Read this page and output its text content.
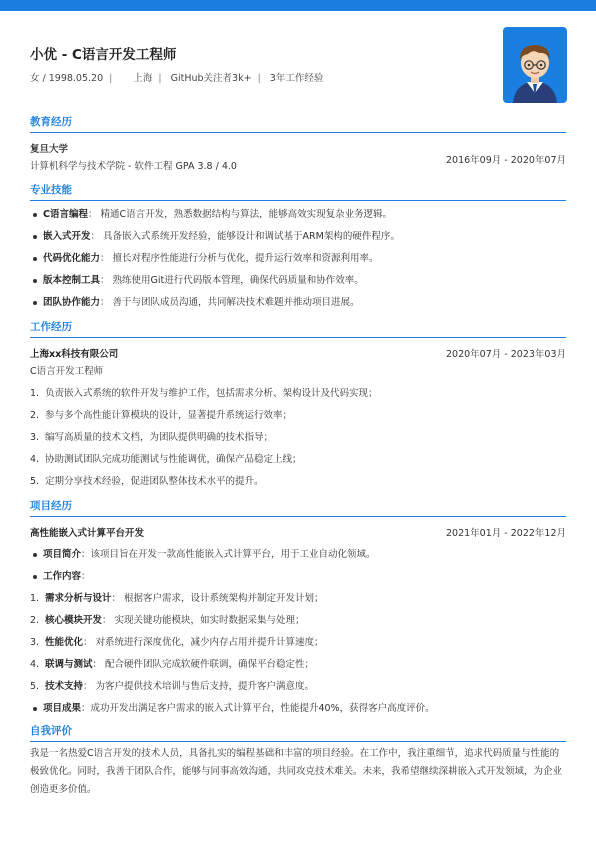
小优 - C语言开发工程师
女 / 1998.05.20 | 上海 | GitHub关注者3k+ | 3年工作经验
教育经历
复旦大学
计算机科学与技术学院 - 软件工程 GPA 3.8 / 4.0
2016年09月 - 2020年07月
专业技能
C语言编程： 精通C语言开发，熟悉数据结构与算法，能够高效实现复杂业务逻辑。
嵌入式开发： 具备嵌入式系统开发经验，能够设计和调试基于ARM架构的硬件程序。
代码优化能力： 擅长对程序性能进行分析与优化，提升运行效率和资源利用率。
版本控制工具： 熟练使用Git进行代码版本管理，确保代码质量和协作效率。
团队协作能力： 善于与团队成员沟通，共同解决技术难题并推动项目进展。
工作经历
上海xx科技有限公司	2020年07月 - 2023年03月
C语言开发工程师
1. 负责嵌入式系统的软件开发与维护工作，包括需求分析、架构设计及代码实现；
2. 参与多个高性能计算模块的设计，显著提升系统运行效率；
3. 编写高质量的技术文档，为团队提供明确的技术指导；
4. 协助测试团队完成功能测试与性能调优，确保产品稳定上线；
5. 定期分享技术经验，促进团队整体技术水平的提升。
项目经历
高性能嵌入式计算平台开发	2021年01月 - 2022年12月
项目简介：该项目旨在开发一款高性能嵌入式计算平台，用于工业自动化领域。
工作内容：
1. 需求分析与设计： 根据客户需求，设计系统架构并制定开发计划；
2. 核心模块开发： 实现关键功能模块，如实时数据采集与处理；
3. 性能优化： 对系统进行深度优化，减少内存占用并提升计算速度；
4. 联调与测试： 配合硬件团队完成软硬件联调，确保平台稳定性；
5. 技术支持： 为客户提供技术培训与售后支持，提升客户满意度。
项目成果：成功开发出满足客户需求的嵌入式计算平台，性能提升40%，获得客户高度评价。
自我评价
我是一名热爱C语言开发的技术人员，具备扎实的编程基础和丰富的项目经验。在工作中，我注重细节，追求代码质量与性能的极致优化。同时，我善于团队合作，能够与同事高效沟通，共同攻克技术难关。未来，我希望继续深耕嵌入式开发领域，为企业创造更多价值。
